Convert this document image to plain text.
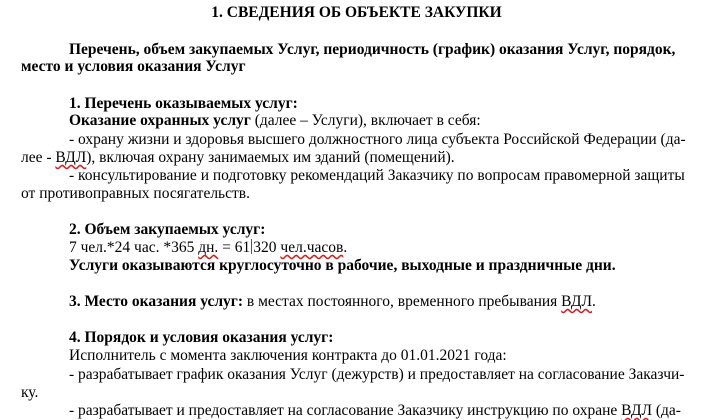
1. СВЕДЕНИЯ ОБ ОБЪЕКТЕ ЗАКУПКИ
Перечень, объем закупаемых Услуг, периодичность (график) оказания Услуг, порядок,
место и условия оказания Услуг
1. Перечень оказываемых услуг:
Оказание охранных услуг (далее – Услуги), включает в себя:
- охрану жизни и здоровья высшего должностного лица субъекта Российской Федерации (да-
лее - ВДЛ), включая охрану занимаемых им зданий (помещений).
- консультирование и подготовку рекомендаций Заказчику по вопросам правомерной защиты
от противоправных посягательств.
2. Объем закупаемых услуг:
7 чел.*24 час. *365 дн. = 61 320 чел.часов.
Услуги оказываются круглосуточно в рабочие, выходные и праздничные дни.
3. Место оказания услуг: в местах постоянного, временного пребывания ВДЛ.
4. Порядок и условия оказания услуг:
Исполнитель с момента заключения контракта до 01.01.2021 года:
- разрабатывает график оказания Услуг (дежурств) и предоставляет на согласование Заказчи-
ку.
- разрабатывает и предоставляет на согласование Заказчику инструкцию по охране ВДЛ (да-
